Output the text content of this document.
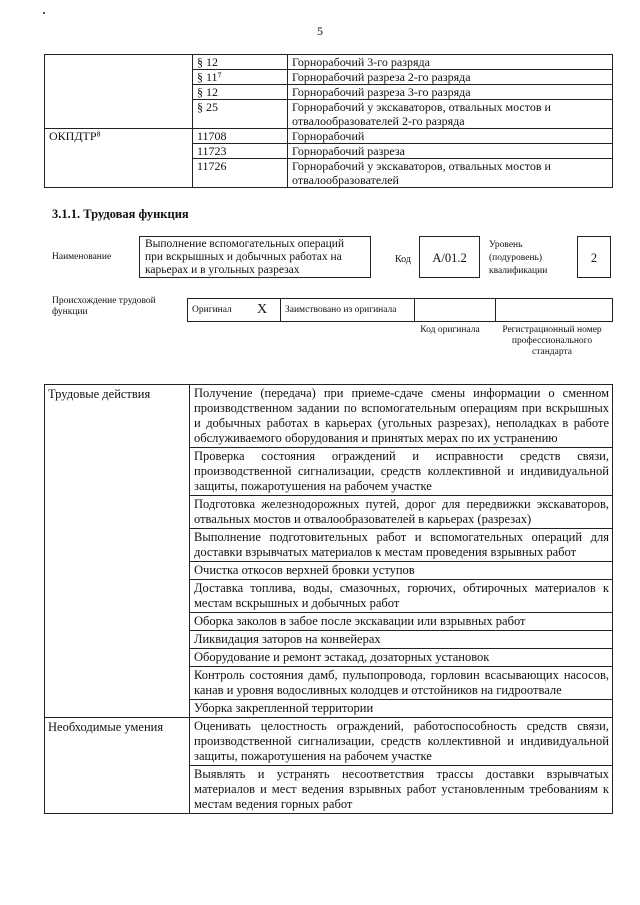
5
	§ 12	Горнорабочий 3-го разряда
	§ 11⁷	Горнорабочий разреза 2-го разряда
	§ 12	Горнорабочий разреза 3-го разряда
	§ 25	Горнорабочий у экскаваторов, отвальных мостов и отвалообразователей 2-го разряда
ОКПДТР⁸	11708	Горнорабочий
	11723	Горнорабочий разреза
	11726	Горнорабочий у экскаваторов, отвальных мостов и отвалообразователей
3.1.1. Трудовая функция
Наименование
Выполнение вспомогательных операций при вскрышных и добычных работах на карьерах и в угольных разрезах
Код	А/01.2
Уровень (подуровень) квалификации
2
Происхождение трудовой функции	Оригинал	X	Заимствовано из оригинала		
Код оригинала	Регистрационный номер профессионального стандарта
Трудовые действия	Получение (передача) при приеме-сдаче смены информации о сменном производственном задании по вспомогательным операциям при вскрышных и добычных работах в карьерах (угольных разрезах), неполадках в работе обслуживаемого оборудования и принятых мерах по их устранению
	Проверка состояния ограждений и исправности средств связи, производственной сигнализации, средств коллективной и индивидуальной защиты, пожаротушения на рабочем участке
	Подготовка железнодорожных путей, дорог для передвижки экскаваторов, отвальных мостов и отвалообразователей в карьерах (разрезах)
	Выполнение подготовительных работ и вспомогательных операций для доставки взрывчатых материалов к местам проведения взрывных работ
	Очистка откосов верхней бровки уступов
	Доставка топлива, воды, смазочных, горючих, обтирочных материалов к местам вскрышных и добычных работ
	Оборка заколов в забое после экскавации или взрывных работ
	Ликвидация заторов на конвейерах
	Оборудование и ремонт эстакад, дозаторных установок
	Контроль состояния дамб, пульпопровода, горловин всасывающих насосов, канав и уровня водосливных колодцев и отстойников на гидроотвале
	Уборка закрепленной территории
Необходимые умения	Оценивать целостность ограждений, работоспособность средств связи, производственной сигнализации, средств коллективной и индивидуальной защиты, пожаротушения на рабочем участке
	Выявлять и устранять несоответствия трассы доставки взрывчатых материалов и мест ведения взрывных работ установленным требованиям к местам ведения горных работ
